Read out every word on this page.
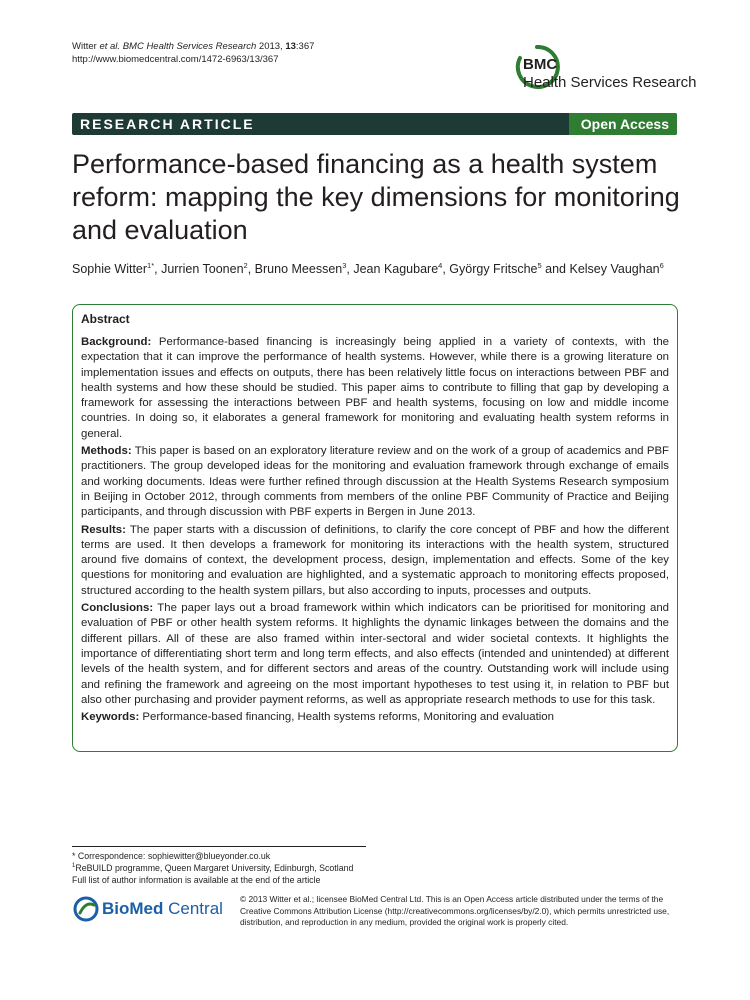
Witter et al. BMC Health Services Research 2013, 13:367
http://www.biomedcentral.com/1472-6963/13/367	BMC
Health Services Research
RESEARCH ARTICLE	Open Access
Performance-based financing as a health system reform: mapping the key dimensions for monitoring and evaluation
Sophie Witter$^{1*}$, Jurrien Toonen$^2$, Bruno Meessen$^3$, Jean Kagubare$^4$, György Fritsche$^5$ and Kelsey Vaughan$^6$
Abstract

Background: Performance-based financing is increasingly being applied in a variety of contexts, with the expectation that it can improve the performance of health systems. However, while there is a growing literature on implementation issues and effects on outputs, there has been relatively little focus on interactions between PBF and health systems and how these should be studied. This paper aims to contribute to filling that gap by developing a framework for assessing the interactions between PBF and health systems, focusing on low and middle income countries. In doing so, it elaborates a general framework for monitoring and evaluating health system reforms in general.

Methods: This paper is based on an exploratory literature review and on the work of a group of academics and PBF practitioners. The group developed ideas for the monitoring and evaluation framework through exchange of emails and working documents. Ideas were further refined through discussion at the Health Systems Research symposium in Beijing in October 2012, through comments from members of the online PBF Community of Practice and Beijing participants, and through discussion with PBF experts in Bergen in June 2013.

Results: The paper starts with a discussion of definitions, to clarify the core concept of PBF and how the different terms are used. It then develops a framework for monitoring its interactions with the health system, structured around five domains of context, the development process, design, implementation and effects. Some of the key questions for monitoring and evaluation are highlighted, and a systematic approach to monitoring effects proposed, structured according to the health system pillars, but also according to inputs, processes and outputs.

Conclusions: The paper lays out a broad framework within which indicators can be prioritised for monitoring and evaluation of PBF or other health system reforms. It highlights the dynamic linkages between the domains and the different pillars. All of these are also framed within inter-sectoral and wider societal contexts. It highlights the importance of differentiating short term and long term effects, and also effects (intended and unintended) at different levels of the health system, and for different sectors and areas of the country. Outstanding work will include using and refining the framework and agreeing on the most important hypotheses to test using it, in relation to PBF but also other purchasing and provider payment reforms, as well as appropriate research methods to use for this task.

Keywords: Performance-based financing, Health systems reforms, Monitoring and evaluation

* Correspondence: sophiewitter@blueyonder.co.uk
$^1$ReBUILD programme, Queen Margaret University, Edinburgh, Scotland
Full list of author information is available at the end of the article
BioMed Central © 2013 Witter et al.; licensee BioMed Central Ltd. This is an Open Access article distributed under the terms of the Creative Commons Attribution License (http://creativecommons.org/licenses/by/2.0), which permits unrestricted use, distribution, and reproduction in any medium, provided the original work is properly cited.
